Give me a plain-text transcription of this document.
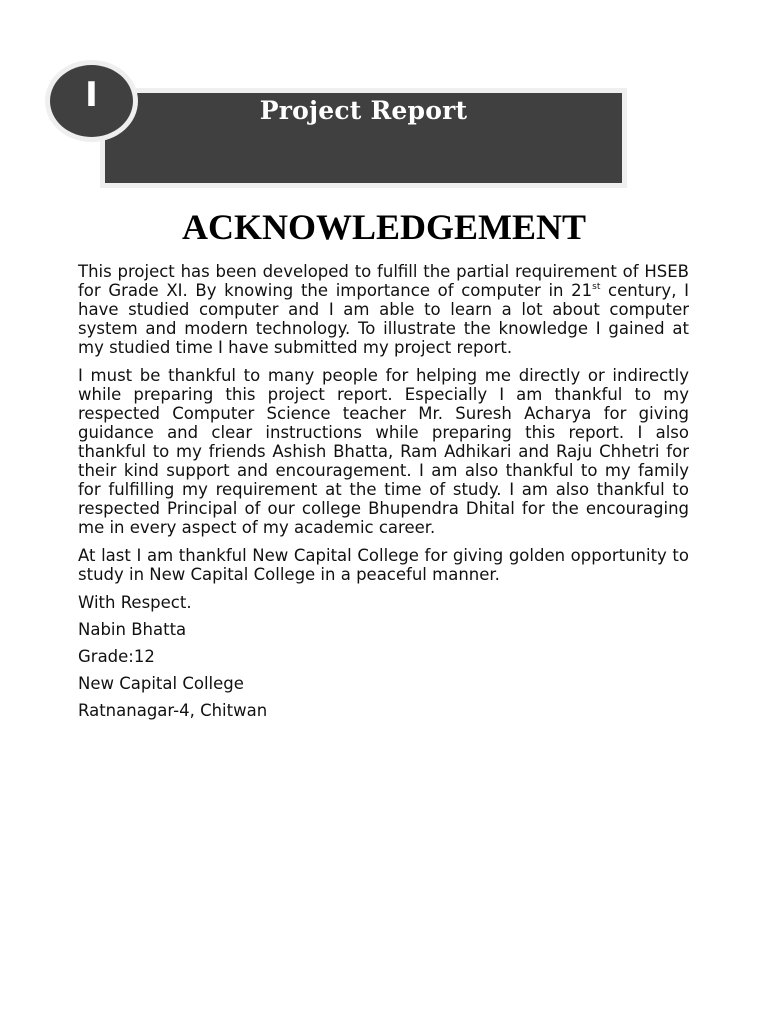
Project Report
I
ACKNOWLEDGEMENT

This project has been developed to fulfill the partial requirement of HSEB for Grade XI. By knowing the importance of computer in 21st century, I have studied computer and I am able to learn a lot about computer system and modern technology. To illustrate the knowledge I gained at my studied time I have submitted my project report.

I must be thankful to many people for helping me directly or indirectly while preparing this project report. Especially I am thankful to my respected Computer Science teacher Mr. Suresh Acharya for giving guidance and clear instructions while preparing this report. I also thankful to my friends Ashish Bhatta, Ram Adhikari and Raju Chhetri for their kind support and encouragement. I am also thankful to my family for fulfilling my requirement at the time of study. I am also thankful to respected Principal of our college Bhupendra Dhital for the encouraging me in every aspect of my academic career.

At last I am thankful New Capital College for giving golden opportunity to study in New Capital College in a peaceful manner.

With Respect.

Nabin Bhatta

Grade:12

New Capital College

Ratnanagar-4, Chitwan
